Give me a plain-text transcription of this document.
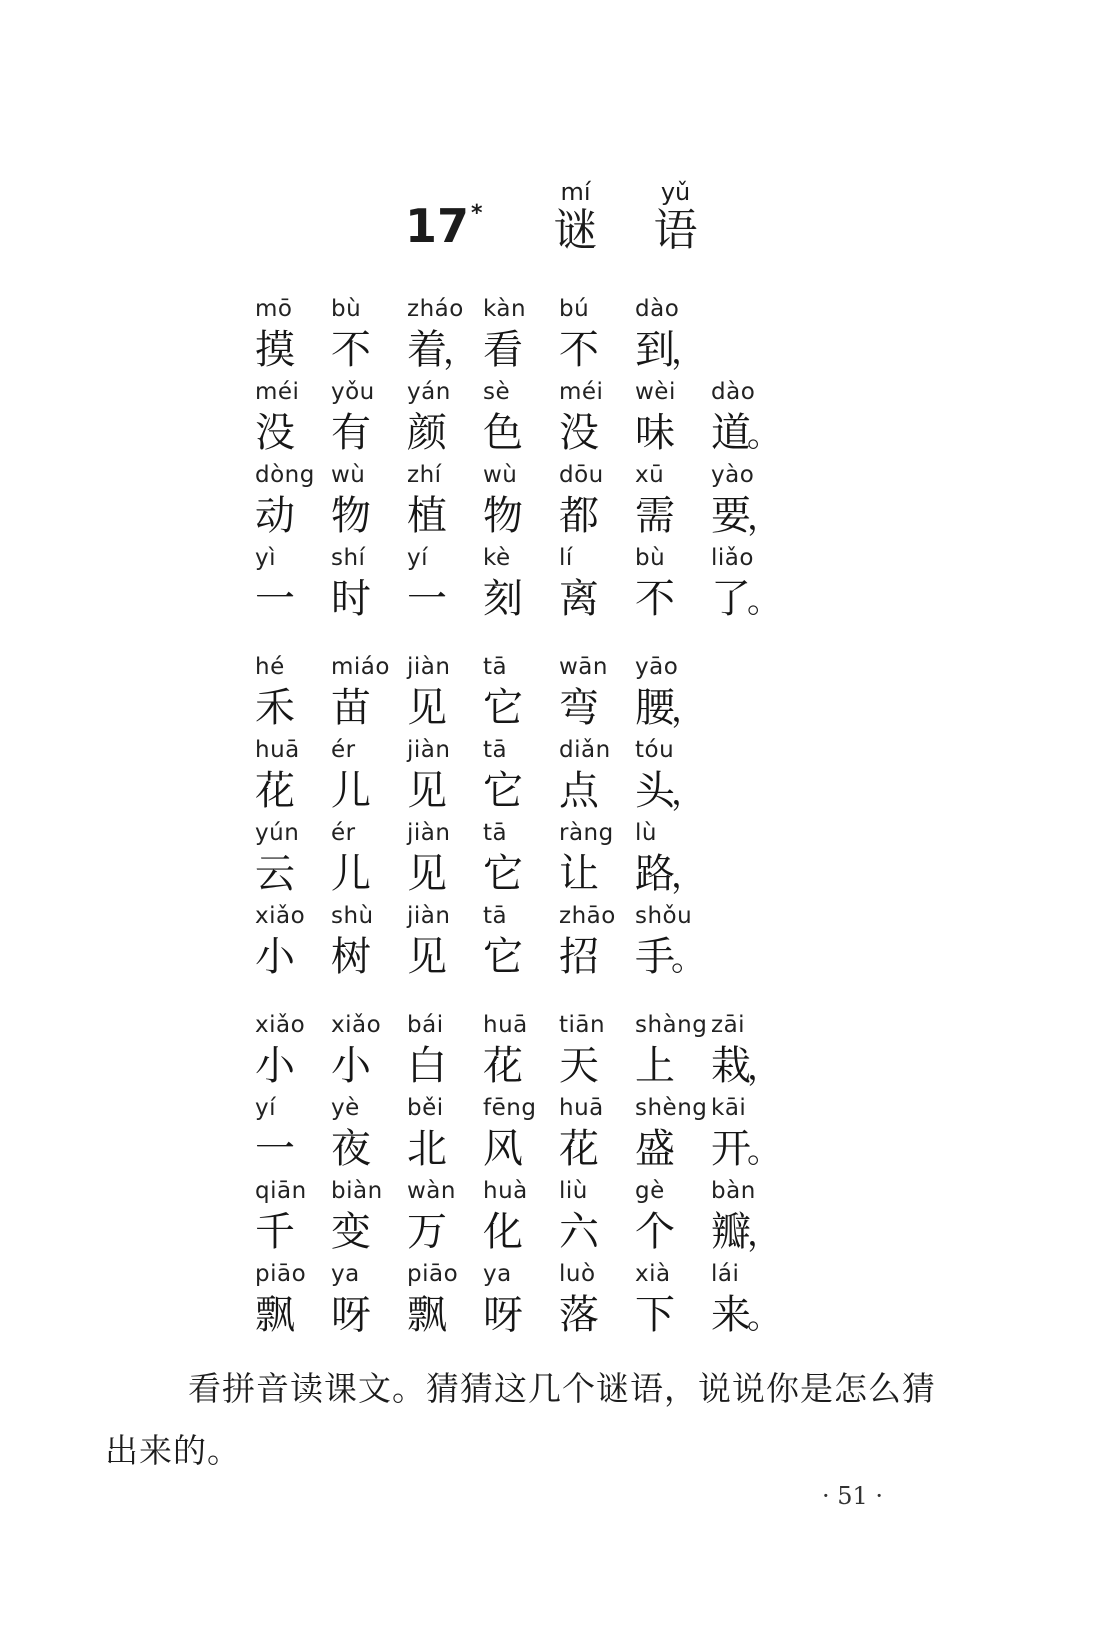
17*
mí
谜
yǔ
语
mō
摸
bù
不
zháo
着，
kàn
看
bú
不
dào
到，
méi
没
yǒu
有
yán
颜
sè
色
méi
没
wèi
味
dào
道。
dòng
动
wù
物
zhí
植
wù
物
dōu
都
xū
需
yào
要，
yì
一
shí
时
yí
一
kè
刻
lí
离
bù
不
liǎo
了。
hé
禾
miáo
苗
jiàn
见
tā
它
wān
弯
yāo
腰，
huā
花
ér
儿
jiàn
见
tā
它
diǎn
点
tóu
头，
yún
云
ér
儿
jiàn
见
tā
它
ràng
让
lù
路，
xiǎo
小
shù
树
jiàn
见
tā
它
zhāo
招
shǒu
手。
xiǎo
小
xiǎo
小
bái
白
huā
花
tiān
天
shàng
上
zāi
栽，
yí
一
yè
夜
běi
北
fēng
风
huā
花
shèng
盛
kāi
开。
qiān
千
biàn
变
wàn
万
huà
化
liù
六
gè
个
bàn
瓣，
piāo
飘
ya
呀
piāo
飘
ya
呀
luò
落
xià
下
lái
来。
看拼音读课文。猜猜这几个谜语，说说你是怎么猜出来的。
· 51 ·
